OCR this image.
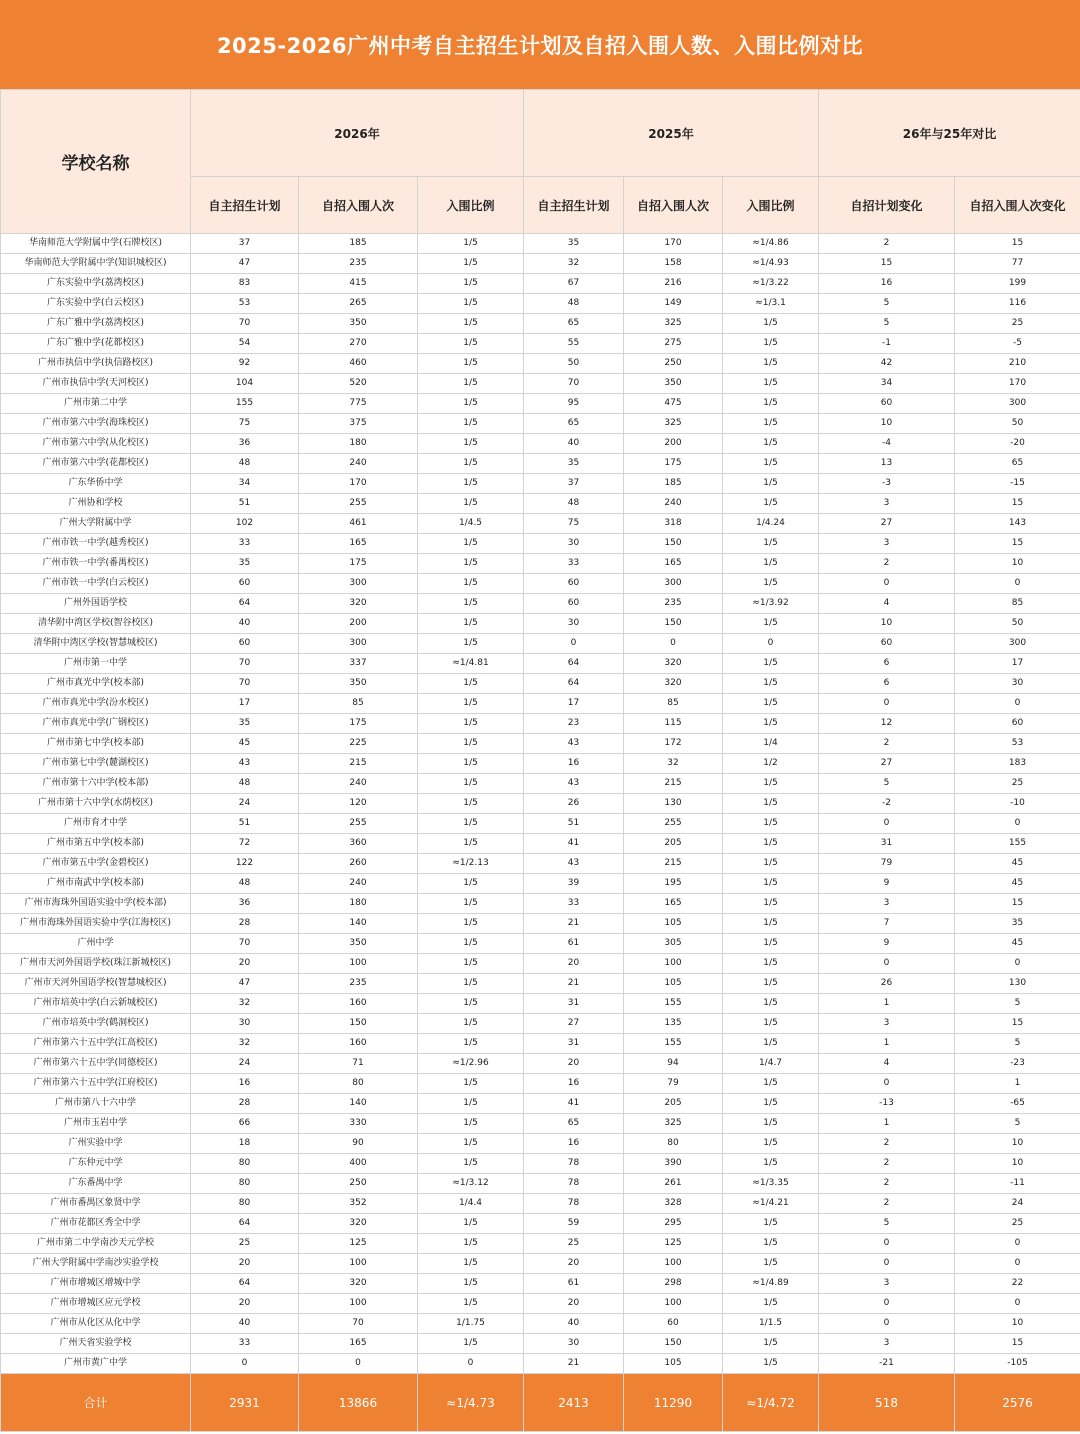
2025-2026广州中考自主招生计划及自招入围人数、入围比例对比
学校名称	2026年			2025年			26年与25年对比	
	自主招生计划	自招入围人次	入围比例	自主招生计划	自招入围人次	入围比例	自招计划变化	自招入围人次变化
华南师范大学附属中学(石牌校区)	37	185	1/5	35	170	≈1/4.86	2	15
华南师范大学附属中学(知识城校区)	47	235	1/5	32	158	≈1/4.93	15	77
广东实验中学(荔湾校区)	83	415	1/5	67	216	≈1/3.22	16	199
广东实验中学(白云校区)	53	265	1/5	48	149	≈1/3.1	5	116
广东广雅中学(荔湾校区)	70	350	1/5	65	325	1/5	5	25
广东广雅中学(花都校区)	54	270	1/5	55	275	1/5	-1	-5
广州市执信中学(执信路校区)	92	460	1/5	50	250	1/5	42	210
广州市执信中学(天河校区)	104	520	1/5	70	350	1/5	34	170
广州市第二中学	155	775	1/5	95	475	1/5	60	300
广州市第六中学(海珠校区)	75	375	1/5	65	325	1/5	10	50
广州市第六中学(从化校区)	36	180	1/5	40	200	1/5	-4	-20
广州市第六中学(花都校区)	48	240	1/5	35	175	1/5	13	65
广东华侨中学	34	170	1/5	37	185	1/5	-3	-15
广州协和学校	51	255	1/5	48	240	1/5	3	15
广州大学附属中学	102	461	1/4.5	75	318	1/4.24	27	143
广州市铁一中学(越秀校区)	33	165	1/5	30	150	1/5	3	15
广州市铁一中学(番禺校区)	35	175	1/5	33	165	1/5	2	10
广州市铁一中学(白云校区)	60	300	1/5	60	300	1/5	0	0
广州外国语学校	64	320	1/5	60	235	≈1/3.92	4	85
清华附中湾区学校(智谷校区)	40	200	1/5	30	150	1/5	10	50
清华附中湾区学校(智慧城校区)	60	300	1/5	0	0	0	60	300
广州市第一中学	70	337	≈1/4.81	64	320	1/5	6	17
广州市真光中学(校本部)	70	350	1/5	64	320	1/5	6	30
广州市真光中学(汾水校区)	17	85	1/5	17	85	1/5	0	0
广州市真光中学(广钢校区)	35	175	1/5	23	115	1/5	12	60
广州市第七中学(校本部)	45	225	1/5	43	172	1/4	2	53
广州市第七中学(麓湖校区)	43	215	1/5	16	32	1/2	27	183
广州市第十六中学(校本部)	48	240	1/5	43	215	1/5	5	25
广州市第十六中学(水荫校区)	24	120	1/5	26	130	1/5	-2	-10
广州市育才中学	51	255	1/5	51	255	1/5	0	0
广州市第五中学(校本部)	72	360	1/5	41	205	1/5	31	155
广州市第五中学(金碧校区)	122	260	≈1/2.13	43	215	1/5	79	45
广州市南武中学(校本部)	48	240	1/5	39	195	1/5	9	45
广州市海珠外国语实验中学(校本部)	36	180	1/5	33	165	1/5	3	15
广州市海珠外国语实验中学(江海校区)	28	140	1/5	21	105	1/5	7	35
广州中学	70	350	1/5	61	305	1/5	9	45
广州市天河外国语学校(珠江新城校区)	20	100	1/5	20	100	1/5	0	0
广州市天河外国语学校(智慧城校区)	47	235	1/5	21	105	1/5	26	130
广州市培英中学(白云新城校区)	32	160	1/5	31	155	1/5	1	5
广州市培英中学(鹤洞校区)	30	150	1/5	27	135	1/5	3	15
广州市第六十五中学(江高校区)	32	160	1/5	31	155	1/5	1	5
广州市第六十五中学(同德校区)	24	71	≈1/2.96	20	94	1/4.7	4	-23
广州市第六十五中学(江府校区)	16	80	1/5	16	79	1/5	0	1
广州市第八十六中学	28	140	1/5	41	205	1/5	-13	-65
广州市玉岩中学	66	330	1/5	65	325	1/5	1	5
广州实验中学	18	90	1/5	16	80	1/5	2	10
广东仲元中学	80	400	1/5	78	390	1/5	2	10
广东番禺中学	80	250	≈1/3.12	78	261	≈1/3.35	2	-11
广州市番禺区象贤中学	80	352	1/4.4	78	328	≈1/4.21	2	24
广州市花都区秀全中学	64	320	1/5	59	295	1/5	5	25
广州市第二中学南沙天元学校	25	125	1/5	25	125	1/5	0	0
广州大学附属中学南沙实验学校	20	100	1/5	20	100	1/5	0	0
广州市增城区增城中学	64	320	1/5	61	298	≈1/4.89	3	22
广州市增城区应元学校	20	100	1/5	20	100	1/5	0	0
广州市从化区从化中学	40	70	1/1.75	40	60	1/1.5	0	10
广州天省实验学校	33	165	1/5	30	150	1/5	3	15
广州市黄广中学	0	0	0	21	105	1/5	-21	-105
合计	2931	13866	≈1/4.73	2413	11290	≈1/4.72	518	2576
